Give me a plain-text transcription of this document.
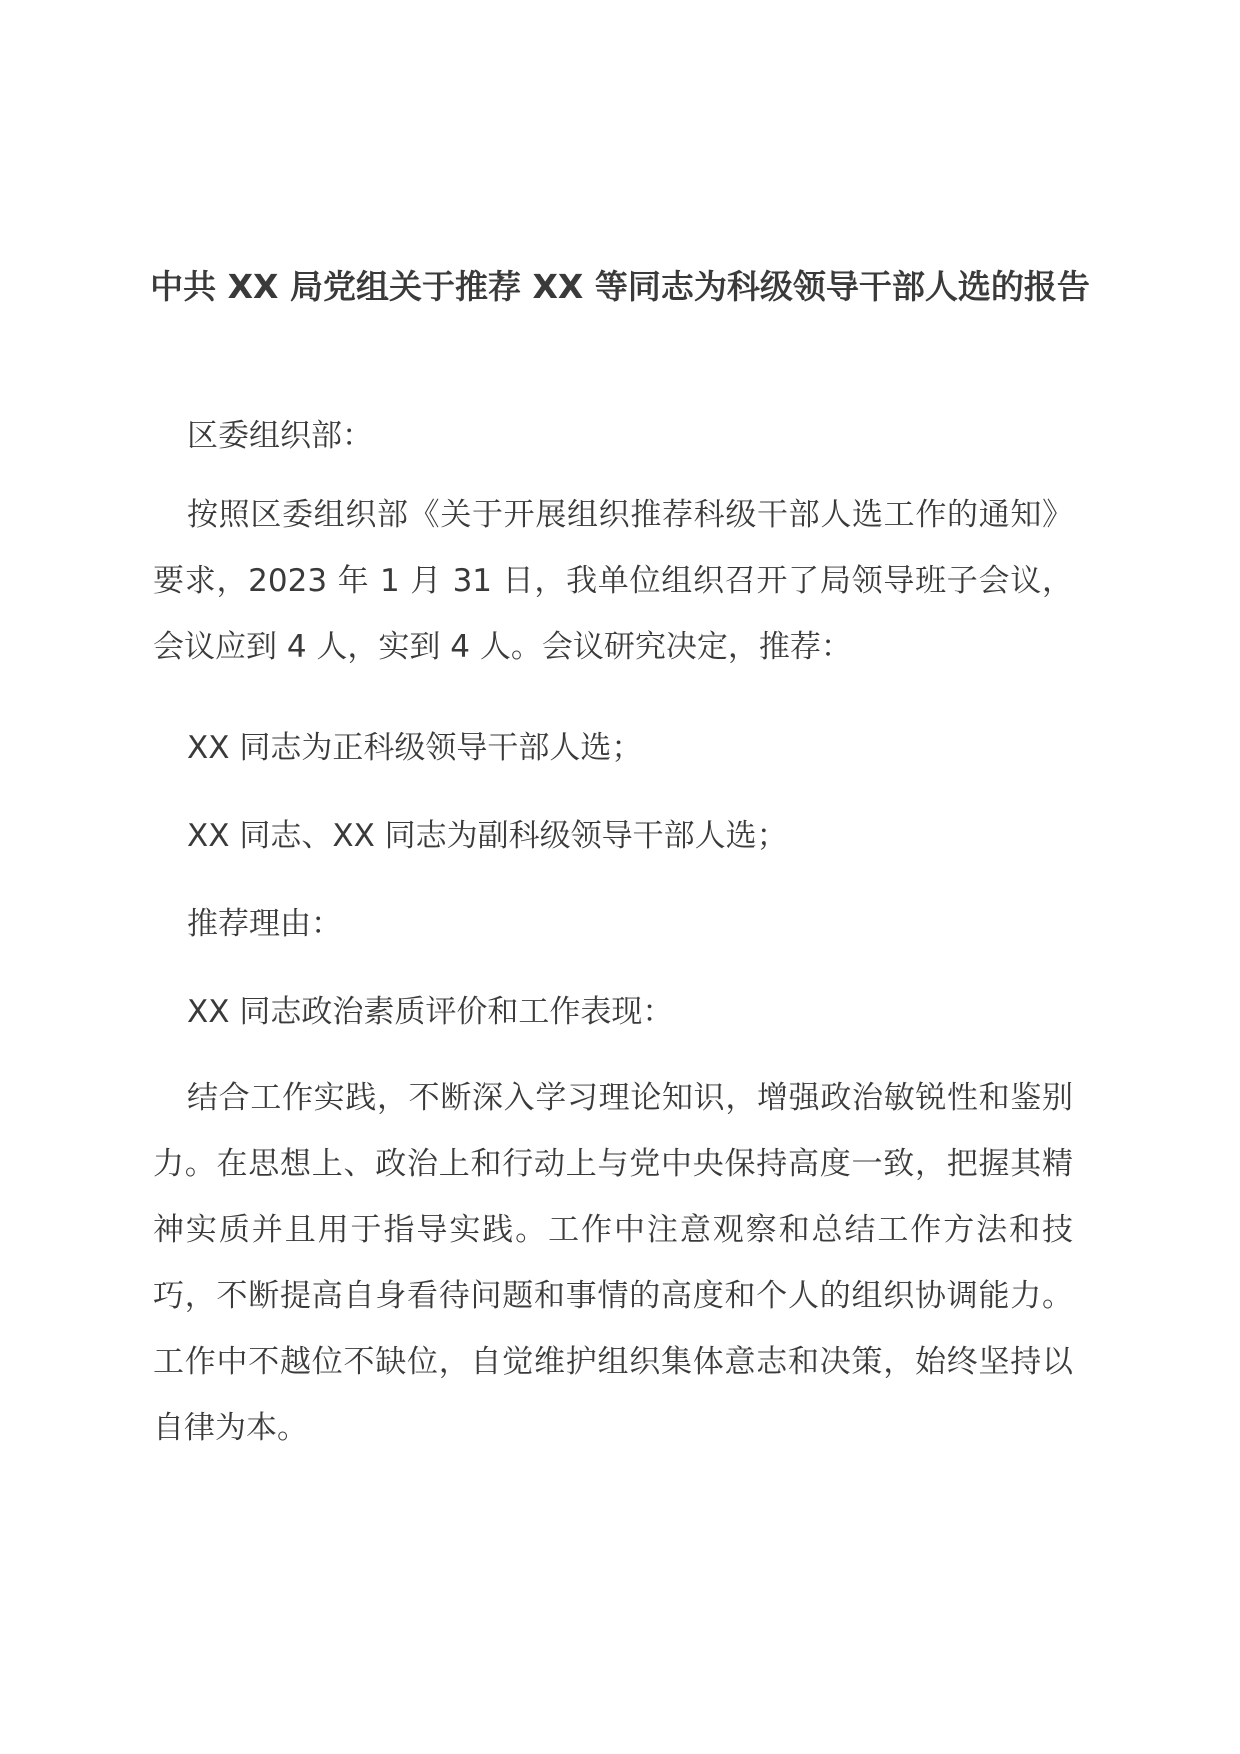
中共 XX 局党组关于推荐 XX 等同志为科级领导干部人选的报告

区委组织部：

按照区委组织部《关于开展组织推荐科级干部人选工作的通知》要求，2023 年 1 月 31 日，我单位组织召开了局领导班子会议，会议应到 4 人，实到 4 人。会议研究决定，推荐：

XX 同志为正科级领导干部人选；

XX 同志、XX 同志为副科级领导干部人选；

推荐理由：

XX 同志政治素质评价和工作表现：

结合工作实践，不断深入学习理论知识，增强政治敏锐性和鉴别力。在思想上、政治上和行动上与党中央保持高度一致，把握其精神实质并且用于指导实践。工作中注意观察和总结工作方法和技巧，不断提高自身看待问题和事情的高度和个人的组织协调能力。工作中不越位不缺位，自觉维护组织集体意志和决策，始终坚持以自律为本。
